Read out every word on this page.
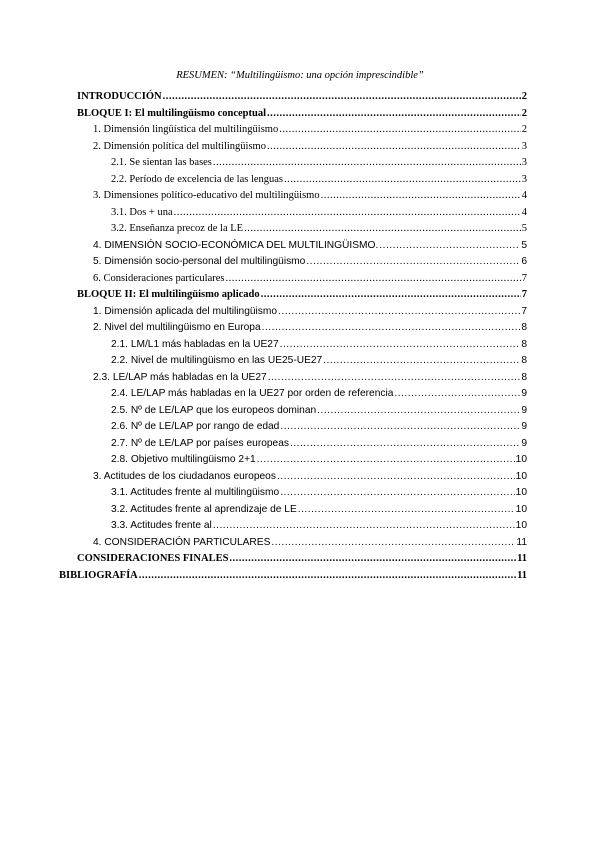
RESUMEN: “Multilingüismo: una opción imprescindible”
INTRODUCCIÓN .....	2
BLOQUE I: El multilingüismo conceptual .....	2
1. Dimensión lingüística del multilingüismo .....	2
2. Dimensión política del multilingüismo .....	3
2.1. Se sientan las bases .....	3
2.2. Período de excelencia de las lenguas .....	3
3. Dimensiones político-educativo del multilingüismo .....	4
3.1. Dos + una .....	4
3.2. Enseñanza precoz de la LE .....	5
4. DIMENSIÓN SOCIO-ECONÓMICA DEL MULTILINGÜISMO. .....	5
5. Dimensión socio-personal del multilingüismo .....	6
6. Consideraciones particulares .....	7
BLOQUE II: El multilingüismo aplicado .....	7
1. Dimensión aplicada del multilingüismo .....	7
2. Nivel del multilingüismo en Europa .....	8
2.1. LM/L1 más habladas en la UE27 .....	8
2.2. Nivel de multilingüismo en las UE25-UE27 .....	8
2.3. LE/LAP más habladas en la UE27 .....	8
2.4. LE/LAP más habladas en la UE27 por orden de referencia .....	9
2.5. Nº de LE/LAP que los europeos dominan .....	9
2.6. Nº de LE/LAP por rango de edad .....	9
2.7. Nº de LE/LAP por países europeas .....	9
2.8. Objetivo multilingüismo 2+1 .....	10
3. Actitudes de los ciudadanos europeos .....	10
3.1. Actitudes frente al multilingüismo .....	10
3.2. Actitudes frente al aprendizaje de LE .....	10
3.3. Actitudes frente al .....	10
4. CONSIDERACIÓN PARTICULARES .....	11
CONSIDERACIONES FINALES .....	11
BIBLIOGRAFÍA .....	11
